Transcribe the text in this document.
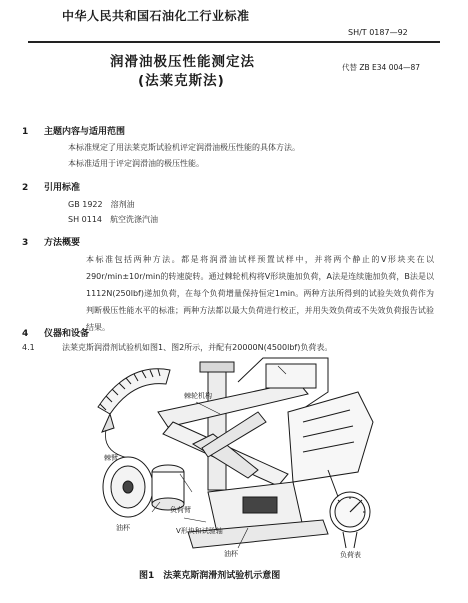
中华人民共和国石油化工行业标准
SH/T 0187—92
润滑油极压性能测定法
(法莱克斯法)
代替 ZB E34 004—87
1 主题内容与适用范围
本标准规定了用法莱克斯试验机评定润滑油极压性能的具体方法。
本标准适用于评定润滑油的极压性能。
2 引用标准
GB 1922　溶剂油
SH 0114　航空洗涤汽油
3 方法概要
本标准包括两种方法。都是将润滑油试样预置试样中，并将两个静止的V形块夹在以290r/min±10r/min的转速旋转。通过棘轮机构将V形块施加负荷，A法是连续施加负荷，B法是以1112N(250lbf)递加负荷，在每个负荷增量保持恒定1min。两种方法所得到的试验失效负荷作为判断极压性能水平的标准；两种方法都以最大负荷进行校正，并用失效负荷或不失效负荷报告试验结果。
4 仪器和设备
4.1	法莱克斯润滑剂试验机如图1、图2所示，并配有20000N(4500lbf)负荷表。
棘轮机构
棘臂
负荷臂
油杯	V形块和试验轴
油杯	负荷表
图1　法莱克斯润滑剂试验机示意图
